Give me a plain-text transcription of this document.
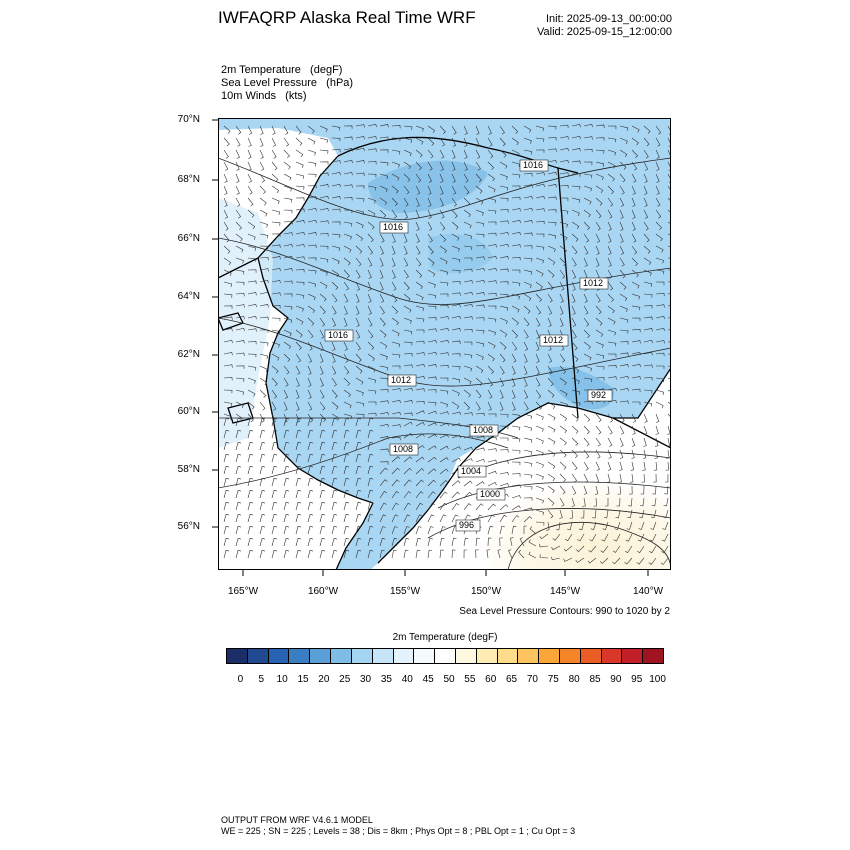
IWFAQRP Alaska Real Time WRF	Init: 2025-09-13_00:00:00
Valid: 2025-09-15_12:00:00
2m Temperature   (degF)
Sea Level Pressure   (hPa)
10m Winds   (kts)
1016
1016
1016
1012
1012
1012
1008
1008
1004
1000
996
992
70°N
68°N
66°N
64°N
62°N
60°N
58°N
56°N
165°W	160°W	155°W	150°W	145°W	140°W
Sea Level Pressure Contours: 990 to 1020 by 2
2m Temperature (degF)
0	5	10 15 20 25 30 35 40 45 50 55 60 65 70 75 80 85 90 95 100
OUTPUT FROM WRF V4.6.1 MODEL
WE = 225 ; SN = 225 ; Levels = 38 ; Dis = 8km ; Phys Opt = 8 ; PBL Opt = 1 ; Cu Opt = 3
